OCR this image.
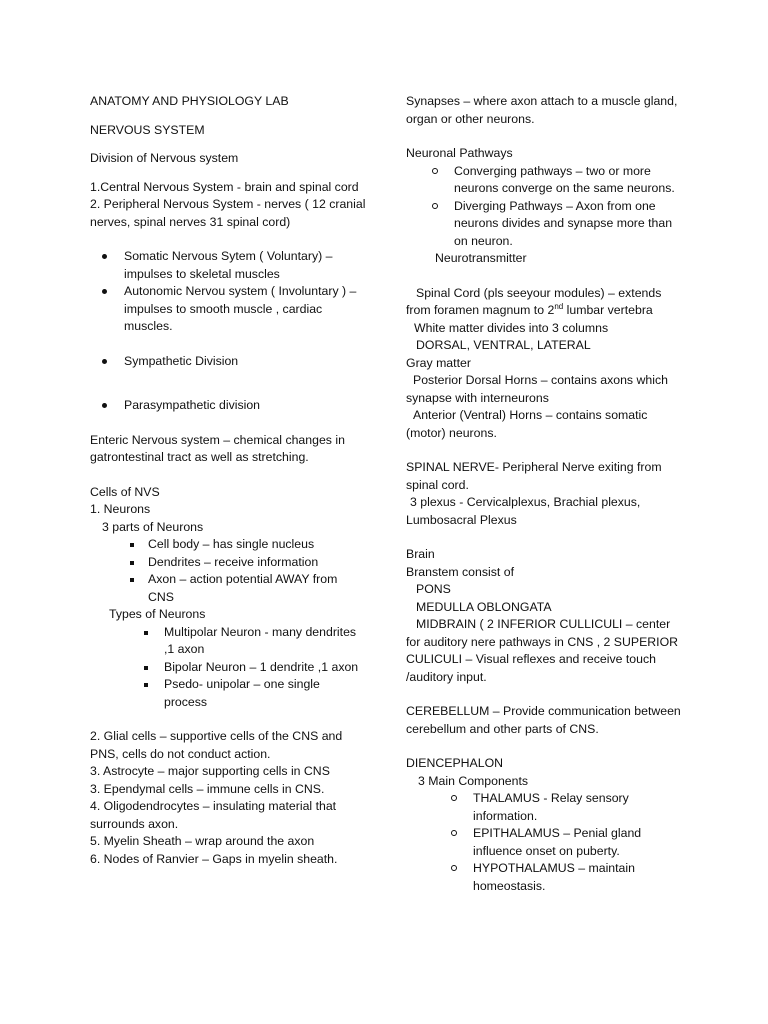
ANATOMY AND PHYSIOLOGY LAB

NERVOUS SYSTEM

Division of Nervous system

1.Central Nervous System - brain and spinal cord

2. Peripheral Nervous System - nerves ( 12 cranial nerves, spinal nerves 31 spinal cord)

Somatic Nervous Sytem ( Voluntary) – impulses to skeletal muscles
Autonomic Nervou system ( Involuntary ) – impulses to smooth muscle , cardiac muscles.
Sympathetic Division
Parasympathetic division

Enteric Nervous system – chemical changes in gatrontestinal tract as well as stretching.

Cells of NVS

1. Neurons

3 parts of Neurons

Cell body – has single nucleus
Dendrites – receive information
Axon – action potential AWAY from CNS

Types of Neurons

Multipolar Neuron - many dendrites ,1 axon
Bipolar Neuron – 1 dendrite ,1 axon
Psedo- unipolar – one single process

2. Glial cells – supportive cells of the CNS and PNS, cells do not conduct action.

3. Astrocyte – major supporting cells in CNS

3. Ependymal cells – immune cells in CNS.

4. Oligodendrocytes – insulating material that surrounds axon.

5. Myelin Sheath – wrap around the axon

6. Nodes of Ranvier – Gaps in myelin sheath.

Synapses – where axon attach to a muscle gland, organ or other neurons.

Neuronal Pathways

Converging pathways – two or more neurons converge on the same neurons.
Diverging Pathways – Axon from one neurons divides and synapse more than on neuron.

Neurotransmitter

Spinal Cord (pls seeyour modules) – extends from foramen magnum to 2nd lumbar vertebra

White matter divides into 3 columns

DORSAL, VENTRAL, LATERAL

Gray matter

Posterior Dorsal Horns – contains axons which synapse with interneurons

Anterior (Ventral) Horns – contains somatic (motor) neurons.

SPINAL NERVE- Peripheral Nerve exiting from spinal cord.

3 plexus - Cervicalplexus, Brachial plexus, Lumbosacral Plexus

Brain

Branstem consist of

PONS

MEDULLA OBLONGATA

MIDBRAIN ( 2 INFERIOR CULLICULI – center for auditory nere pathways in CNS , 2 SUPERIOR CULICULI – Visual reflexes and receive touch /auditory input.

CEREBELLUM – Provide communication between cerebellum and other parts of CNS.

DIENCEPHALON

3 Main Components

THALAMUS - Relay sensory information.
EPITHALAMUS – Penial gland influence onset on puberty.
HYPOTHALAMUS – maintain homeostasis.
